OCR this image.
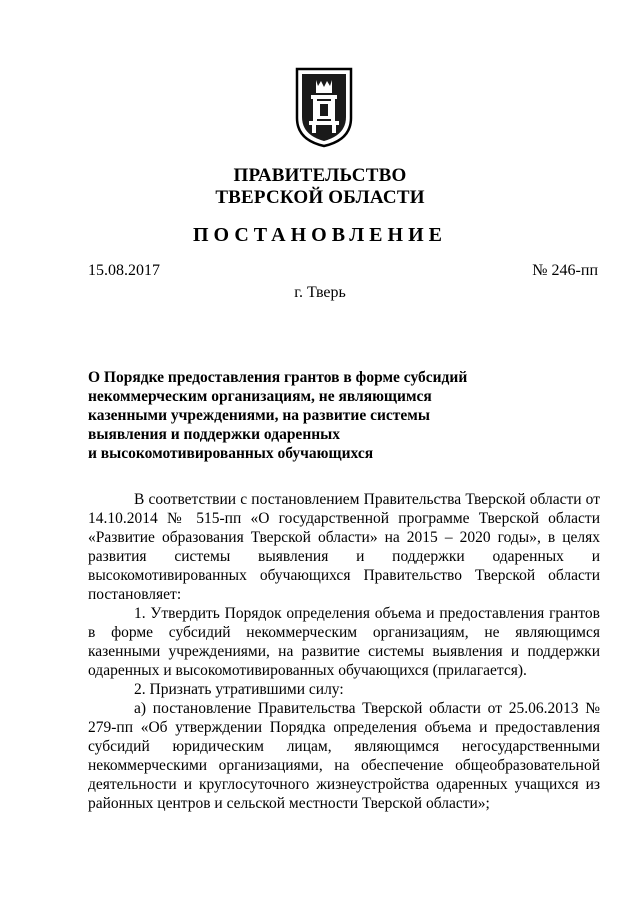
ПРАВИТЕЛЬСТВО
ТВЕРСКОЙ ОБЛАСТИ
ПОСТАНОВЛЕНИЕ
15.08.2017	№ 246-пп
г. Тверь
О Порядке предоставления грантов в форме субсидий
некоммерческим организациям, не являющимся
казенными учреждениями, на развитие системы
выявления и поддержки одаренных
и высокомотивированных обучающихся

В соответствии с постановлением Правительства Тверской области от 14.10.2014 № 515-пп «О государственной программе Тверской области «Развитие образования Тверской области» на 2015 – 2020 годы», в целях развития системы выявления и поддержки одаренных и высокомотивированных обучающихся Правительство Тверской области постановляет:

1. Утвердить Порядок определения объема и предоставления грантов в форме субсидий некоммерческим организациям, не являющимся казенными учреждениями, на развитие системы выявления и поддержки одаренных и высокомотивированных обучающихся (прилагается).

2. Признать утратившими силу:

а) постановление Правительства Тверской области от 25.06.2013 № 279-пп «Об утверждении Порядка определения объема и предоставления субсидий юридическим лицам, являющимся негосударственными некоммерческими организациями, на обеспечение общеобразовательной деятельности и круглосуточного жизнеустройства одаренных учащихся из районных центров и сельской местности Тверской области»;
